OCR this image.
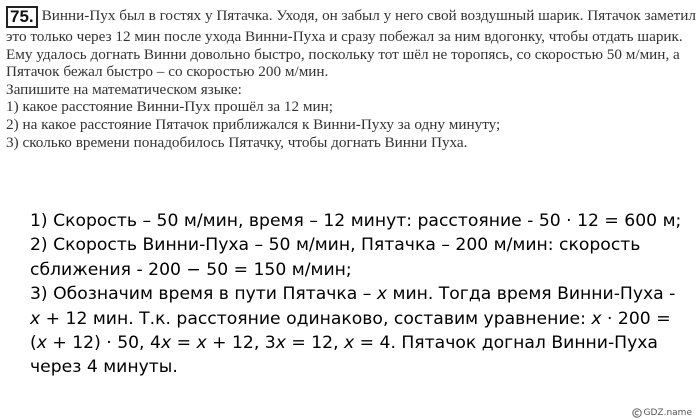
75. Винни-Пух был в гостях у Пятачка. Уходя, он забыл у него свой воздушный шарик. Пятачок заметил это только через 12 мин после ухода Винни-Пуха и сразу побежал за ним вдогонку, чтобы отдать шарик. Ему удалось догнать Винни довольно быстро, поскольку тот шёл не торопясь, со скоростью 50 м/мин, а Пятачок бежал быстро – со скоростью 200 м/мин.

Запишите на математическом языке:

1) какое расстояние Винни-Пух прошёл за 12 мин;

2) на какое расстояние Пятачок приближался к Винни-Пуху за одну минуту;

3) сколько времени понадобилось Пятачку, чтобы догнать Винни Пуха.

1) Скорость – 50 м/мин, время – 12 минут: расстояние - 50 · 12 = 600 м;

2) Скорость Винни-Пуха – 50 м/мин, Пятачка – 200 м/мин: скорость сближения - 200 − 50 = 150 м/мин;

3) Обозначим время в пути Пятачка – x мин. Тогда время Винни-Пуха - x + 12 мин. Т.к. расстояние одинаково, составим уравнение: x · 200 = (x + 12) · 50, 4x = x + 12, 3x = 12, x = 4. Пятачок догнал Винни-Пуха через 4 минуты.

GDZ.name
